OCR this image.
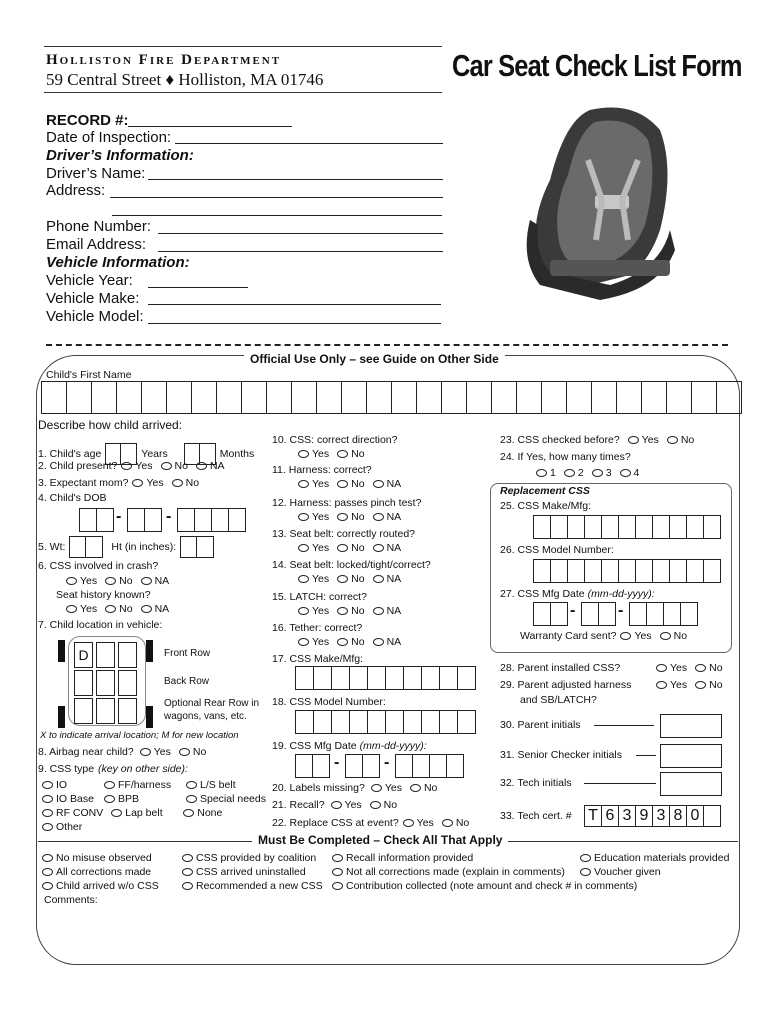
Holliston Fire Department
59 Central Street ♦ Holliston, MA 01746	Car Seat Check List Form
RECORD #:
Date of Inspection:
Driver’s Information:
Driver’s Name:
Address:
Phone Number:
Email Address:
Vehicle Information:
Vehicle Year:
Vehicle Make:
Vehicle Model:
Official Use Only – see Guide on Other Side
Child's First Name
Describe how child arrived:
1. Child's age	Years	Months
2. Child present? Yes No NA
3. Expectant mom? Yes No
4. Child's DOB
-	-
5. Wt:	Ht (in inches):
6. CSS involved in crash?
Yes No NA
Seat history known?
Yes No NA
7. Child location in vehicle:
D	Front Row
Back Row
Optional Rear Row in
wagons, vans, etc.
X to indicate arrival location; M for new location
8. Airbag near child? Yes No
9. CSS type (key on other side):
IO	FF/harness	L/S belt
IO Base BPB	Special needs
RF CONV Lap belt	None
Other
10. CSS: correct direction?
Yes No
11. Harness: correct?
Yes No NA
12. Harness: passes pinch test?
Yes No NA
13. Seat belt: correctly routed?
Yes No NA
14. Seat belt: locked/tight/correct?
Yes No NA
15. LATCH: correct?
Yes No NA
16. Tether: correct?
Yes No NA
17. CSS Make/Mfg:
18. CSS Model Number:
19. CSS Mfg Date (mm-dd-yyyy):
-	-
20. Labels missing? Yes No
21. Recall? Yes No
22. Replace CSS at event? Yes No
23. CSS checked before? Yes No
24. If Yes, how many times?
1 2 3 4
Replacement CSS
25. CSS Make/Mfg:
26. CSS Model Number:
27. CSS Mfg Date (mm-dd-yyyy):
-	-
Warranty Card sent? Yes No
28. Parent installed CSS?	Yes No
29. Parent adjusted harness	Yes No
and SB/LATCH?
30. Parent initials
31. Senior Checker initials
32. Tech initials
33. Tech cert. # T 6 3 9 3 8 0
Must Be Completed – Check All That Apply
No misuse observed
All corrections made
Child arrived w/o CSS
CSS provided by coalition
CSS arrived uninstalled
Recommended a new CSS
Recall information provided
Not all corrections made (explain in comments)
Contribution collected (note amount and check # in comments)
Education materials provided
Voucher given
Comments:
